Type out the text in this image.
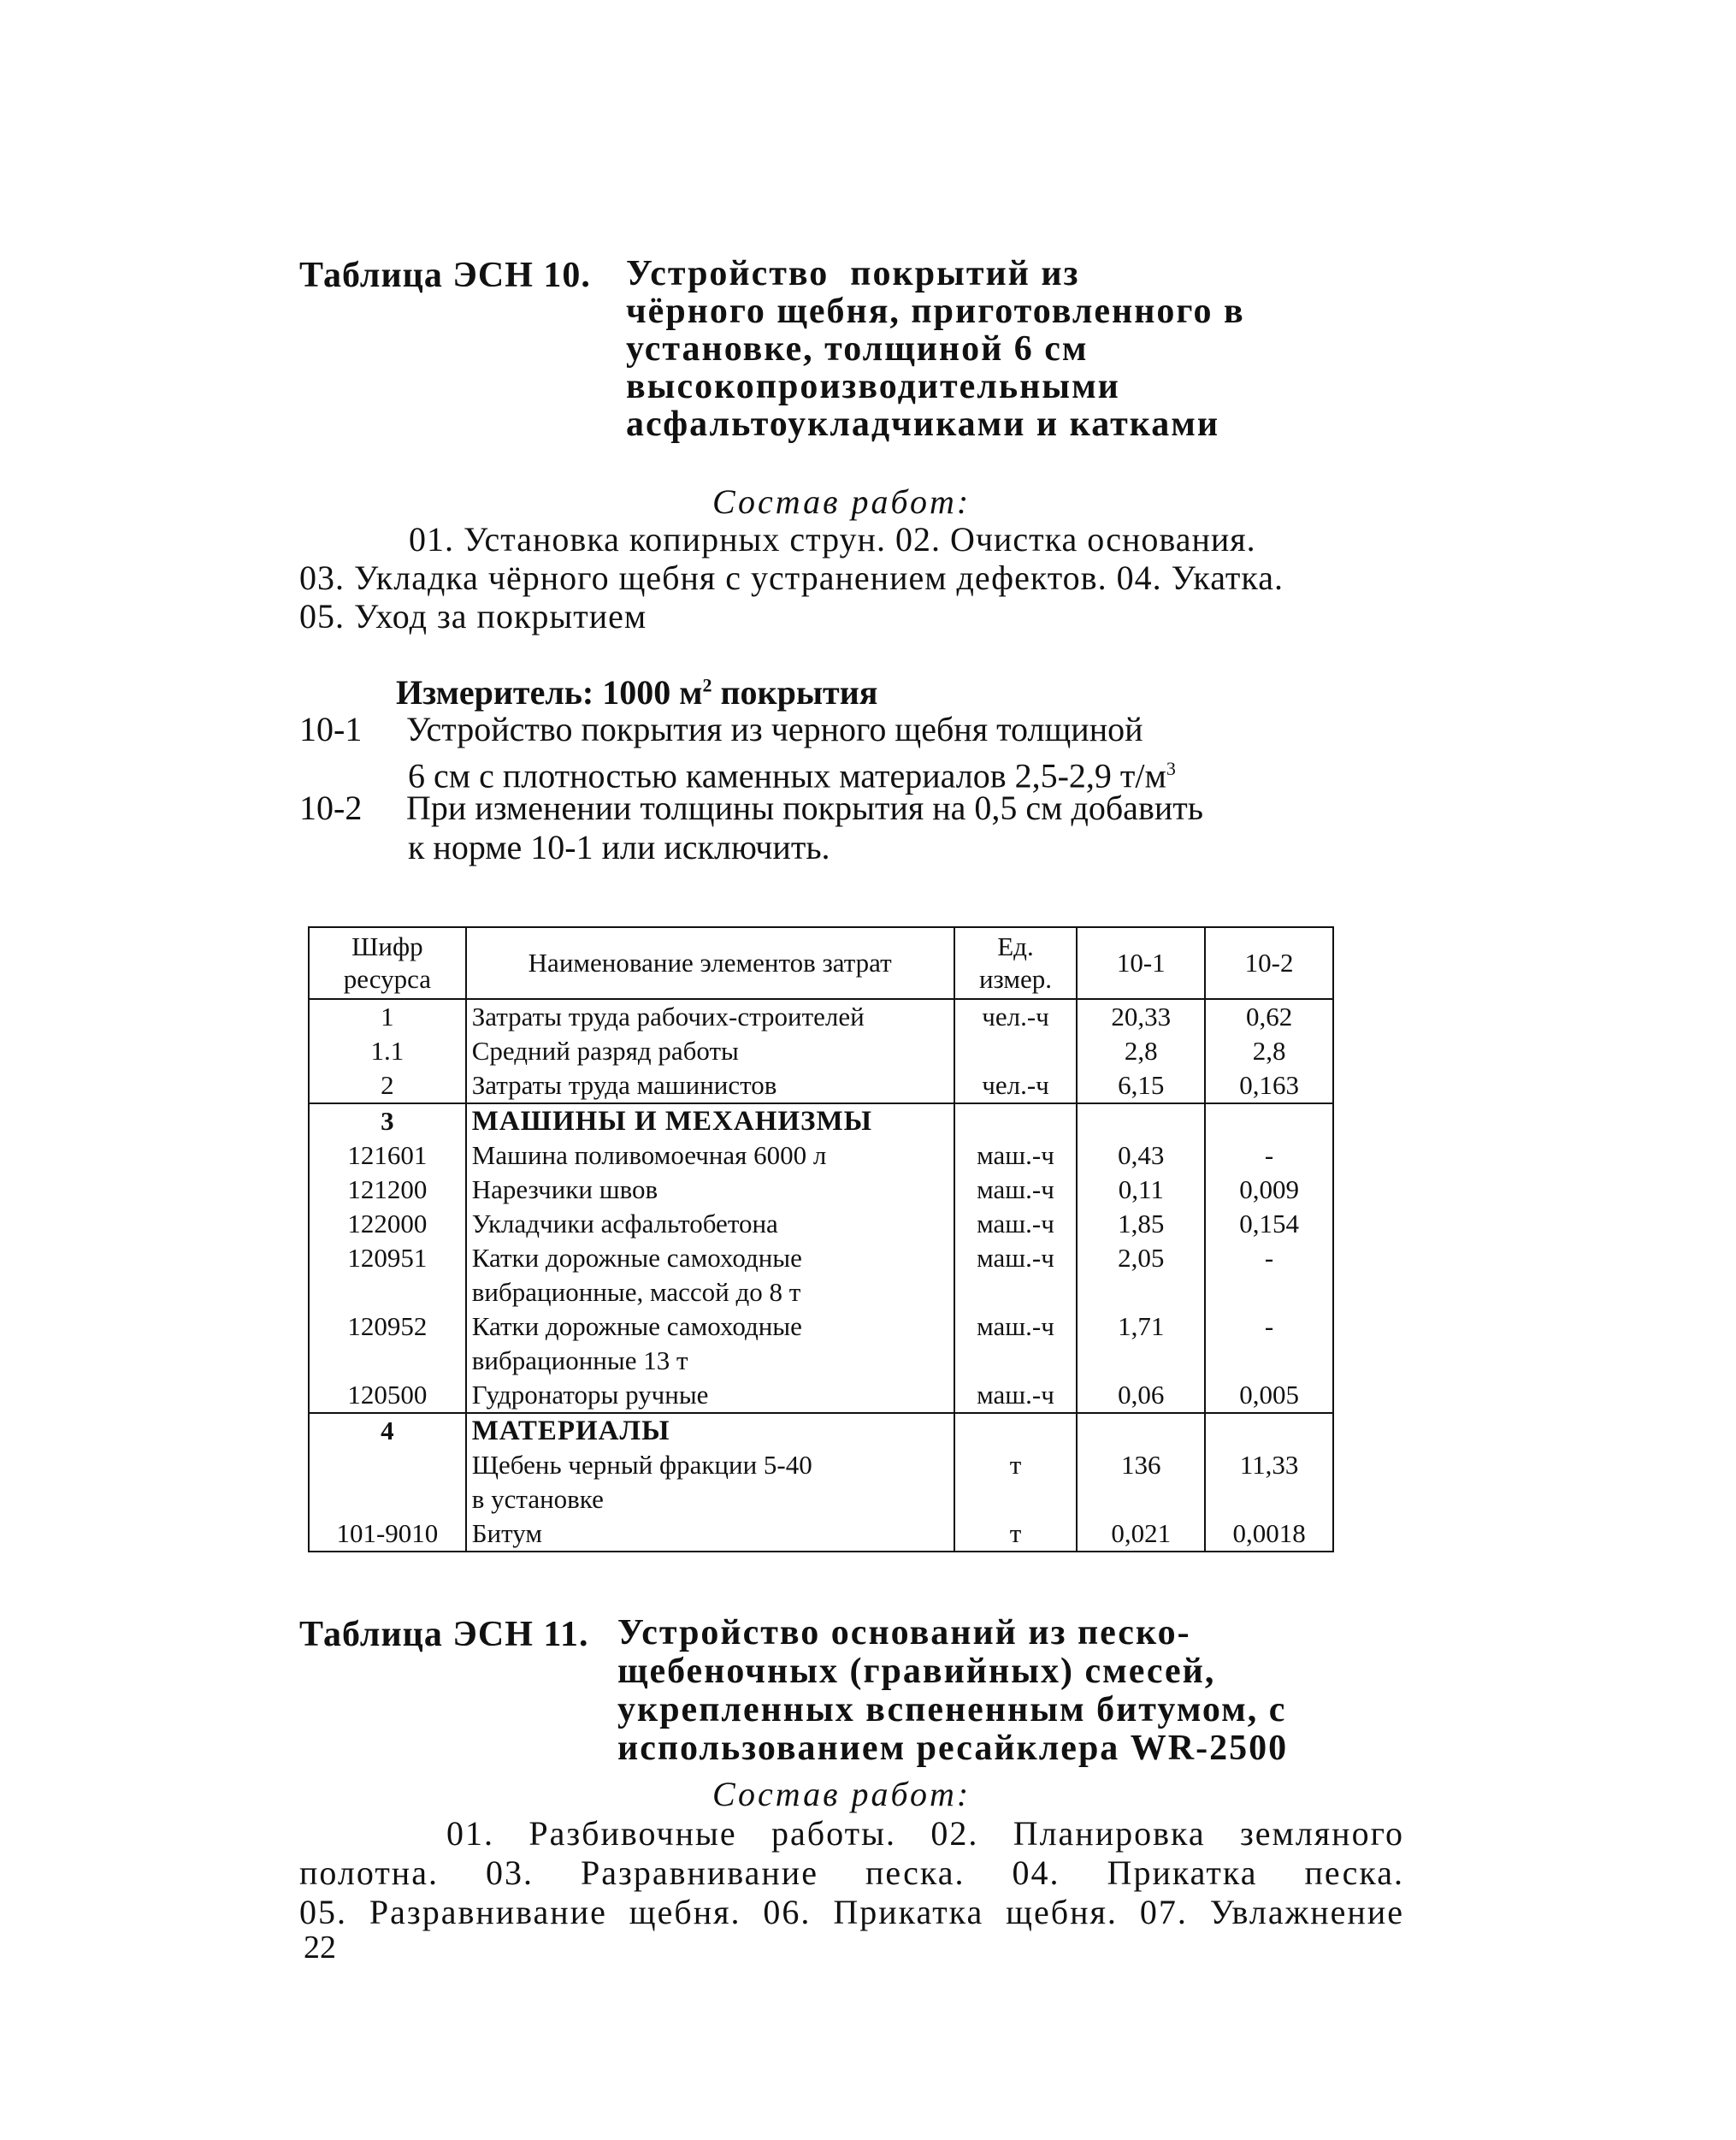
Таблица ЭСН 10. Устройство  покрытий из
чёрного щебня, приготовленного в
установке, толщиной 6 см
высокопроизводительными
асфальтоукладчиками и катками
Состав работ:
01. Установка копирных струн. 02. Очистка основания.
03. Укладка чёрного щебня с устранением дефектов. 04. Укатка.
05. Уход за покрытием
Измеритель: 1000 $м^2$ покрытия
10-1 Устройство покрытия из черного щебня толщиной
6 см с плотностью каменных материалов 2,5-2,9 $т/м^3$
10-2 При изменении толщины покрытия на 0,5 см добавить
к норме 10-1 или исключить.
Шифр ресурса	Наименование элементов затрат	Ед. измер.	10-1	10-2
1	Затраты труда рабочих-строителей	чел.-ч	20,33	0,62
1.1	Средний разряд работы		2,8	2,8
2	Затраты труда машинистов	чел.-ч	6,15	0,163
3	МАШИНЫ И МЕХАНИЗМЫ			
121601	Машина поливомоечная 6000 л	маш.-ч	0,43	-
121200	Нарезчики швов	маш.-ч	0,11	0,009
122000	Укладчики асфальтобетона	маш.-ч	1,85	0,154
120951	Катки дорожные самоходные	маш.-ч	2,05	-
	вибрационные, массой до 8 т			
120952	Катки дорожные самоходные	маш.-ч	1,71	-
	вибрационные 13 т			
120500	Гудронаторы ручные	маш.-ч	0,06	0,005
4	МАТЕРИАЛЫ			
	Щебень черный фракции 5-40	т	136	11,33
	в установке			
101-9010	Битум	т	0,021	0,0018
Таблица ЭСН 11. Устройство оснований из песко-
щебеночных (гравийных) смесей,
укрепленных вспененным битумом, с
использованием ресайклера WR-2500
Состав работ:
01. Разбивочные работы. 02. Планировка земляного
полотна. 03. Разравнивание песка. 04. Прикатка песка.
05. Разравнивание щебня. 06. Прикатка щебня. 07. Увлажнение
22
